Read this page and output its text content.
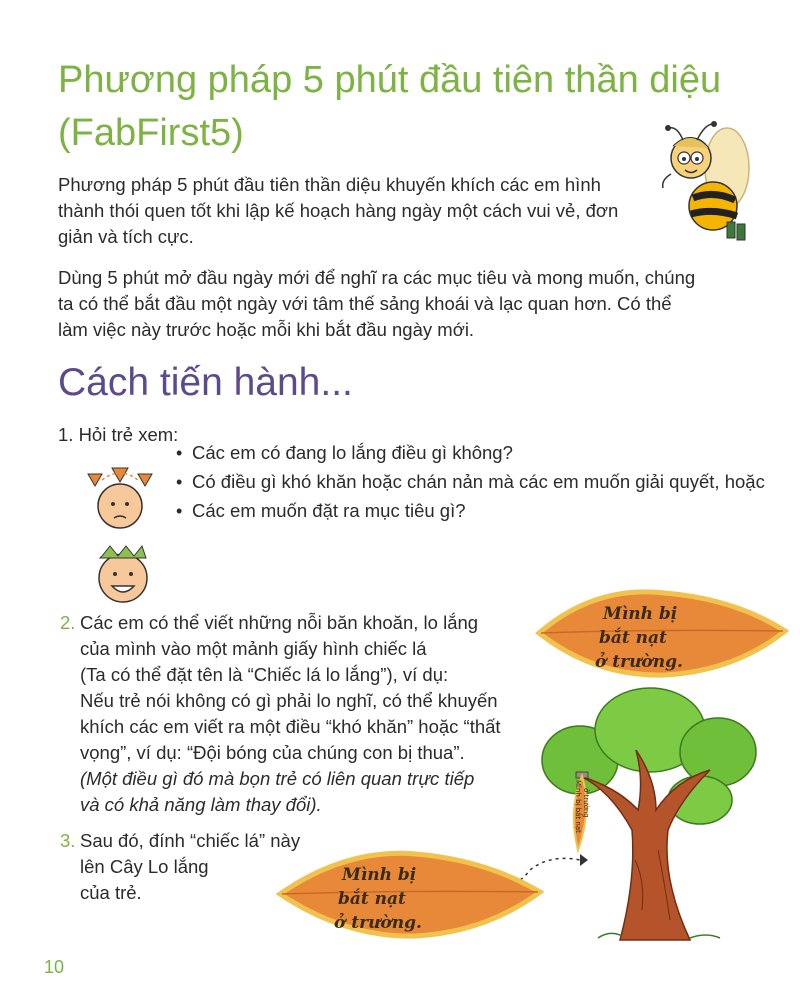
Phương pháp 5 phút đầu tiên thần diệu (FabFirst5)

Phương pháp 5 phút đầu tiên thần diệu khuyến khích các em hình thành thói quen tốt khi lập kế hoạch hàng ngày một cách vui vẻ, đơn giản và tích cực.

Dùng 5 phút mở đầu ngày mới để nghĩ ra các mục tiêu và mong muốn, chúng ta có thể bắt đầu một ngày với tâm thế sảng khoái và lạc quan hơn. Có thể làm việc này trước hoặc mỗi khi bắt đầu ngày mới.

Cách tiến hành...
1. Hỏi trẻ xem:
• Các em có đang lo lắng điều gì không?
• Có điều gì khó khăn hoặc chán nản mà các em muốn giải quyết, hoặc
• Các em muốn đặt ra mục tiêu gì?
2. Các em có thể viết những nỗi băn khoăn, lo lắng
của mình vào một mảnh giấy hình chiếc lá
(Ta có thể đặt tên là “Chiếc lá lo lắng”), ví dụ:
Nếu trẻ nói không có gì phải lo nghĩ, có thể khuyến
khích các em viết ra một điều “khó khăn” hoặc “thất
vọng”, ví dụ: “Đội bóng của chúng con bị thua”.
(Một điều gì đó mà bọn trẻ có liên quan trực tiếp
và có khả năng làm thay đổi).
3. Sau đó, đính “chiếc lá” này
lên Cây Lo lắng
của trẻ.
Mình bị
bắt nạt
ở trường.
Mình bị bắt nạt ở trường
Mình bị
bắt nạt
ở trường.
10
